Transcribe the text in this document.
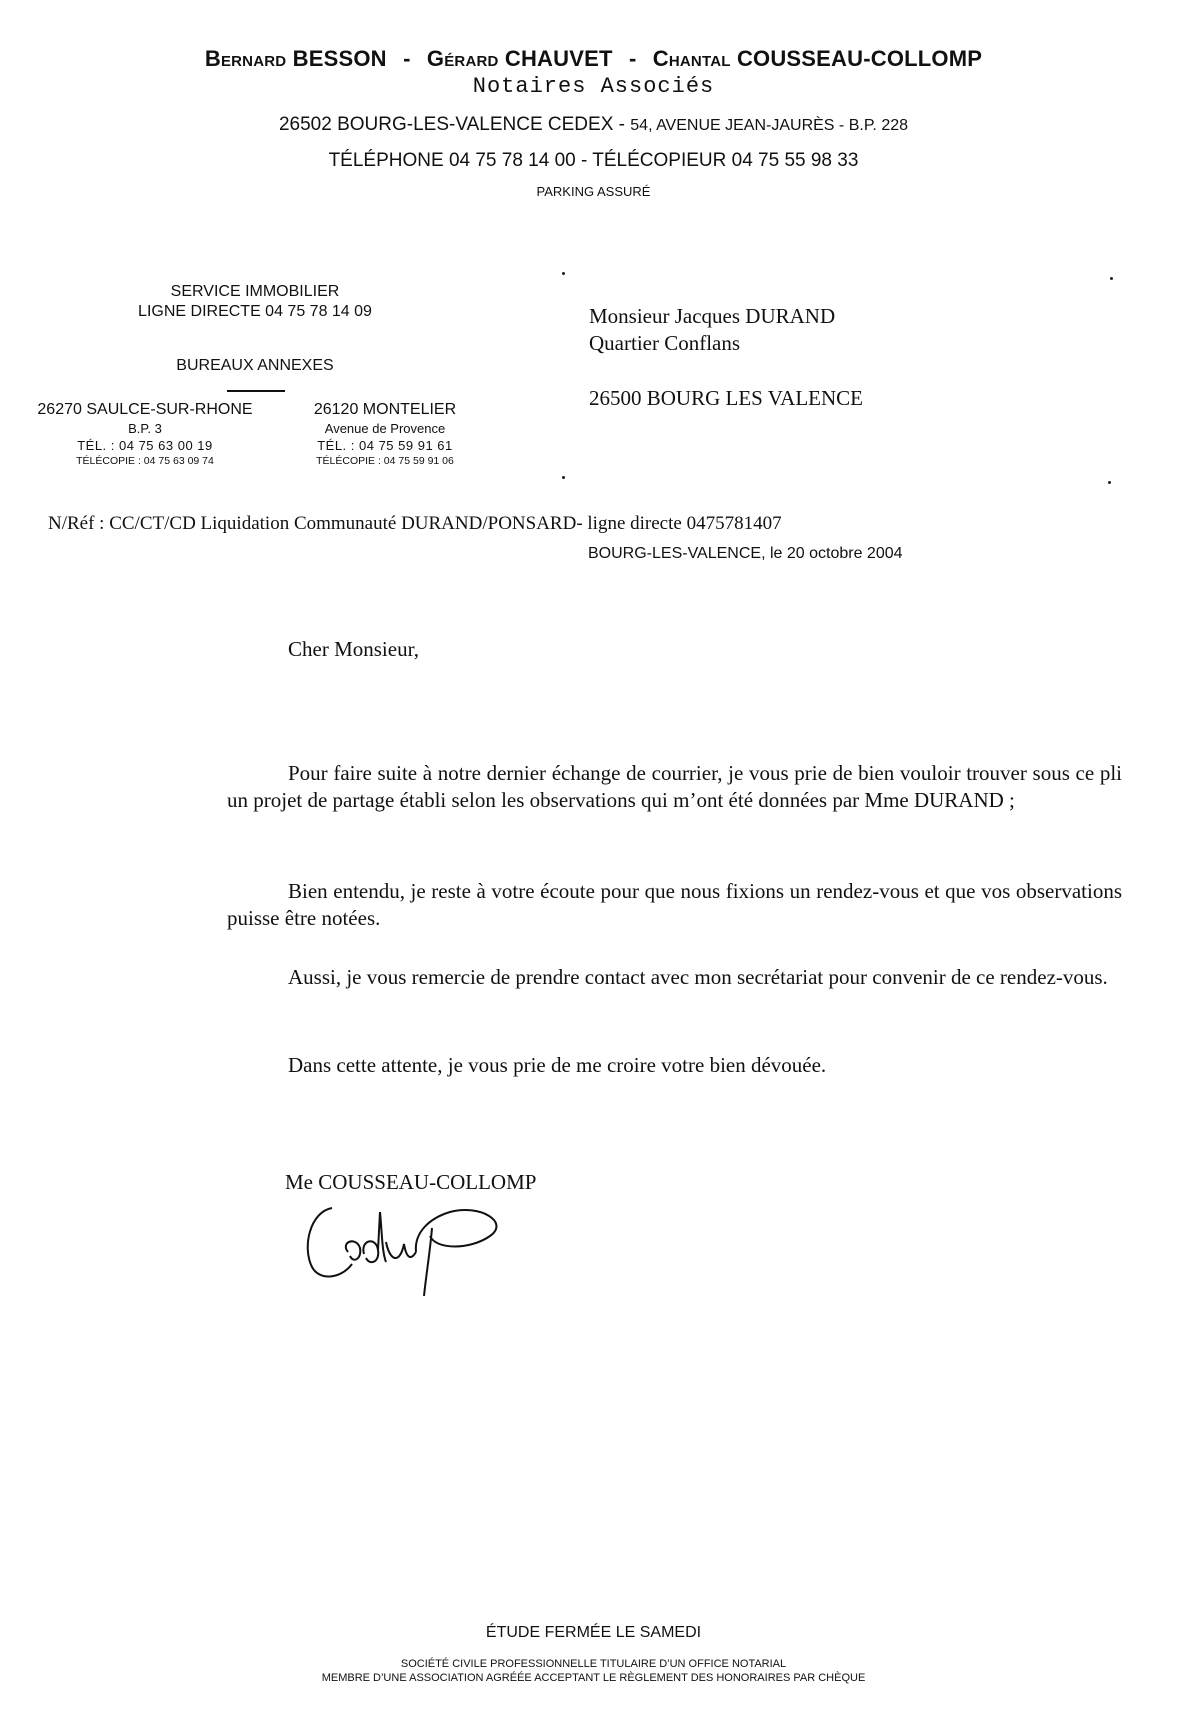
Bernard BESSON - Gérard CHAUVET - Chantal COUSSEAU-COLLOMP
Notaires Associés
26502 BOURG-LES-VALENCE CEDEX - 54, AVENUE JEAN-JAURÈS - B.P. 228
TÉLÉPHONE 04 75 78 14 00 - TÉLÉCOPIEUR 04 75 55 98 33
PARKING ASSURÉ
SERVICE IMMOBILIER
LIGNE DIRECTE 04 75 78 14 09
BUREAUX ANNEXES
26270 SAULCE-SUR-RHONE
B.P. 3
TÉL. : 04 75 63 00 19
TÉLÉCOPIE : 04 75 63 09 74
26120 MONTELIER
Avenue de Provence
TÉL. : 04 75 59 91 61
TÉLÉCOPIE : 04 75 59 91 06
Monsieur Jacques DURAND
Quartier Conflans
26500 BOURG LES VALENCE
N/Réf : CC/CT/CD Liquidation Communauté DURAND/PONSARD- ligne directe 0475781407
BOURG-LES-VALENCE, le 20 octobre 2004
Cher Monsieur,
Pour faire suite à notre dernier échange de courrier, je vous prie de bien vouloir trouver sous ce pli un projet de partage établi selon les observations qui m’ont été données par Mme DURAND ;
Bien entendu, je reste à votre écoute pour que nous fixions un rendez-vous et que vos observations puisse être notées.
Aussi, je vous remercie de prendre contact avec mon secrétariat pour convenir de ce rendez-vous.
Dans cette attente, je vous prie de me croire votre bien dévouée.
Me COUSSEAU-COLLOMP
ÉTUDE FERMÉE LE SAMEDI
SOCIÉTÉ CIVILE PROFESSIONNELLE TITULAIRE D’UN OFFICE NOTARIAL
MEMBRE D’UNE ASSOCIATION AGRÉÉE ACCEPTANT LE RÈGLEMENT DES HONORAIRES PAR CHÈQUE
